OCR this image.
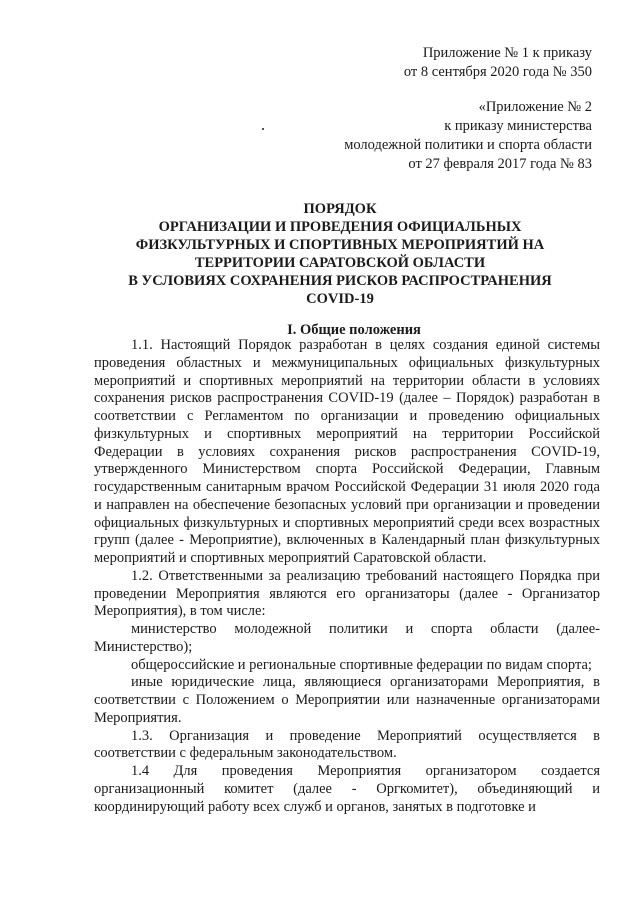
Приложение № 1 к приказу
от 8 сентября 2020 года № 350
«Приложение № 2
к приказу министерства
молодежной политики и спорта области
от 27 февраля 2017 года № 83
ПОРЯДОК
ОРГАНИЗАЦИИ И ПРОВЕДЕНИЯ ОФИЦИАЛЬНЫХ
ФИЗКУЛЬТУРНЫХ И СПОРТИВНЫХ МЕРОПРИЯТИЙ НА
ТЕРРИТОРИИ САРАТОВСКОЙ ОБЛАСТИ
В УСЛОВИЯХ СОХРАНЕНИЯ РИСКОВ РАСПРОСТРАНЕНИЯ
COVID-19
I. Общие положения

1.1. Настоящий Порядок разработан в целях создания единой системы проведения областных и межмуниципальных официальных физкультурных мероприятий и спортивных мероприятий на территории области в условиях сохранения рисков распространения COVID-19 (далее – Порядок) разработан в соответствии с Регламентом по организации и проведению официальных физкультурных и спортивных мероприятий на территории Российской Федерации в условиях сохранения рисков распространения COVID-19, утвержденного Министерством спорта Российской Федерации, Главным государственным санитарным врачом Российской Федерации 31 июля 2020 года и направлен на обеспечение безопасных условий при организации и проведении официальных физкультурных и спортивных мероприятий среди всех возрастных групп (далее - Мероприятие), включенных в Календарный план физкультурных мероприятий и спортивных мероприятий Саратовской области.

1.2. Ответственными за реализацию требований настоящего Порядка при проведении Мероприятия являются его организаторы (далее - Организатор Мероприятия), в том числе:

министерство молодежной политики и спорта области (далее- Министерство);

общероссийские и региональные спортивные федерации по видам спорта;

иные юридические лица, являющиеся организаторами Мероприятия, в соответствии с Положением о Мероприятии или назначенные организаторами Мероприятия.

1.3. Организация и проведение Мероприятий осуществляется в соответствии с федеральным законодательством.

1.4 Для проведения Мероприятия организатором создается организационный комитет (далее - Оргкомитет), объединяющий и координирующий работу всех служб и органов, занятых в подготовке и
